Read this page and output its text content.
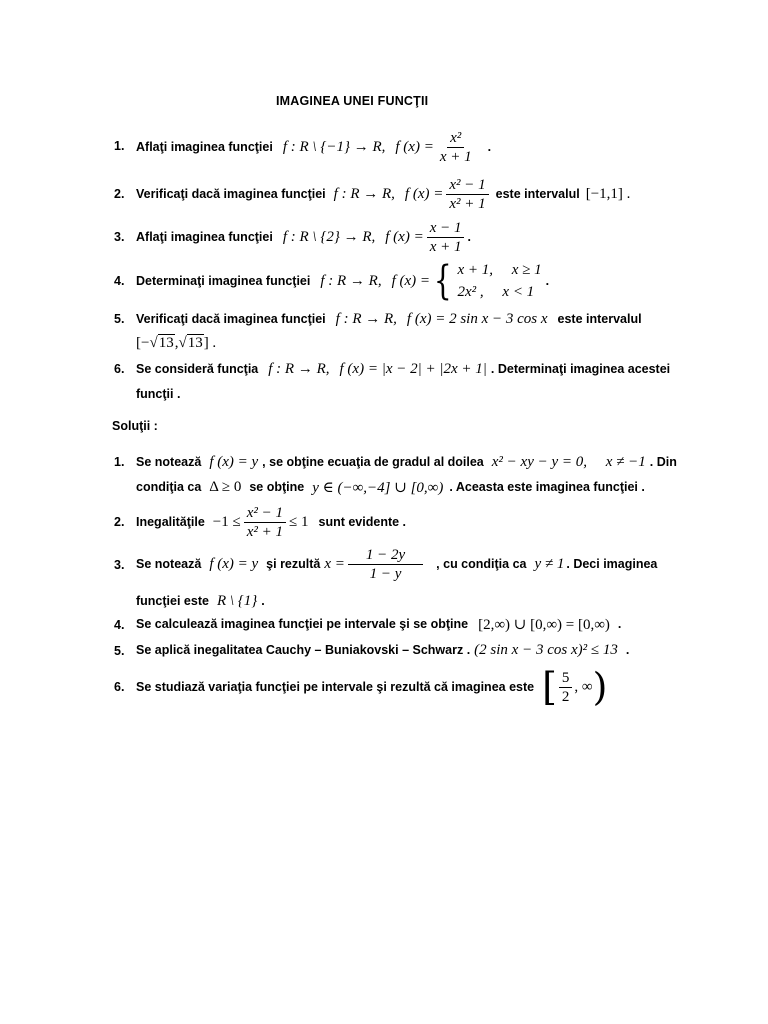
IMAGINEA UNEI FUNCŢII
1. Aflaţi imaginea funcţiei f : R \ {−1} → R, f $(x) = \frac{\text{x²}}{x + 1}$ .
2. Verificaţi dacă imaginea funcţiei f : R → R, f $(x) = \frac{\text{x² − 1}}{\text{x² + 1}}$ este intervalul [−1,1] .
3. Aflaţi imaginea funcţiei f : R \ {2} → R, f $(x) = \frac{x - 1}{x + 1}$ .
4. Determinaţi imaginea funcţiei f : R → R, f (x) = { x + 1,     x ≥ 1
2x² ,     x < 1
.
5. Verificaţi dacă imaginea funcţiei f : R → R, f (x) = 2 sin x − 3 cos x este intervalul
[−√13,√13] .
6. Se consideră funcţia f : R → R, f (x) = |x − 2| + |2x + 1| . Determinaţi imaginea acestei
funcţii .
Soluţii :
1. Se notează f (x) = y , se obţine ecuaţia de gradul al doilea x² − xy − y = 0,     x ≠ −1 . Din
condiţia ca Δ ≥ 0 se obţine y ∈ (−∞,−4] ∪ [0,∞) . Aceasta este imaginea funcţiei .
2. Inegalităţile $-1 \le \frac{\text{x² − 1}}{\text{x² + 1}} \le 1$ sunt evidente .
3. Se notează f (x) = y şi rezultă $x = \frac{1 - 2y}{1 - y}$ , cu condiţia ca y ≠ 1 . Deci imaginea
funcţiei este R \ {1} .
4. Se calculează imaginea funcţiei pe intervale şi se obţine [2,∞) ∪ [0,∞) = [0,∞) .
5. Se aplică inegalitatea Cauchy – Buniakovski – Schwarz . (2 sin x − 3 cos x)² ≤ 13 .
6. Se studiază variaţia funcţiei pe intervale şi rezultă că imaginea este [ $\frac{5}{2}$ , ∞ )
